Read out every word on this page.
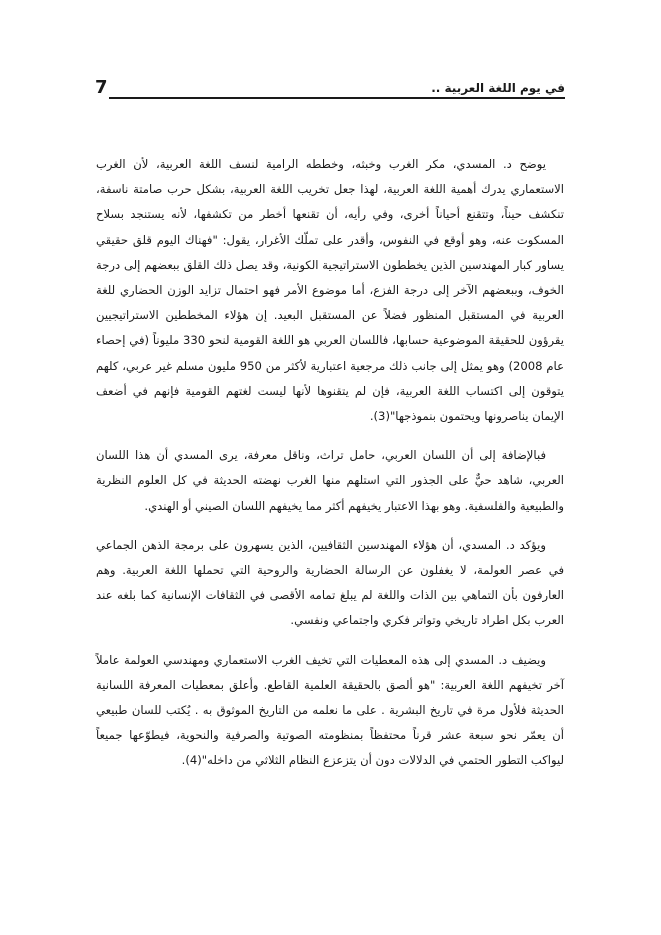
7	في يوم اللغة العربية ..

يوضح د. المسدي، مكر الغرب وخبثه، وخططه الرامية لنسف اللغة العربية، لأن الغرب الاستعماري يدرك أهمية اللغة العربية، لهذا جعل تخريب اللغة العربية، بشكل حرب صامتة ناسفة، تنكشف حيناً، وتتقنع أحياناً أخرى، وفي رأيه، أن تقنعها أخطر من تكشفها، لأنه يستنجد بسلاح المسكوت عنه، وهو أوقع في النفوس، وأقدر على تملّك الأغرار، يقول: "فهناك اليوم قلق حقيقي يساور كبار المهندسين الذين يخططون الاستراتيجية الكونية، وقد يصل ذلك القلق ببعضهم إلى درجة الخوف، وببعضهم الآخر إلى درجة الفزع، أما موضوع الأمر فهو احتمال تزايد الوزن الحضاري للغة العربية في المستقبل المنظور فضلاً عن المستقبل البعيد. إن هؤلاء المخططين الاستراتيجيين يقرؤون للحقيقة الموضوعية حسابها، فاللسان العربي هو اللغة القومية لنحو 330 مليوناً (في إحصاء عام 2008) وهو يمثل إلى جانب ذلك مرجعية اعتبارية لأكثر من 950 مليون مسلم غير عربي، كلهم يتوقون إلى اكتساب اللغة العربية، فإن لم يتقنوها لأنها ليست لغتهم القومية فإنهم في أضعف الإيمان يناصرونها ويحتمون بنموذجها"(3).

فبالإضافة إلى أن اللسان العربي، حامل تراث، وناقل معرفة، يرى المسدي أن هذا اللسان العربي، شاهد حيٌّ على الجذور التي استلهم منها الغرب نهضته الحديثة في كل العلوم النظرية والطبيعية والفلسفية. وهو بهذا الاعتبار يخيفهم أكثر مما يخيفهم اللسان الصيني أو الهندي.

ويؤكد د. المسدي، أن هؤلاء المهندسين الثقافيين، الذين يسهرون على برمجة الذهن الجماعي في عصر العولمة، لا يغفلون عن الرسالة الحضارية والروحية التي تحملها اللغة العربية. وهم العارفون بأن التماهي بين الذات واللغة لم يبلغ تمامه الأقصى في الثقافات الإنسانية كما بلغه عند العرب بكل اطراد تاريخي وتواتر فكري واجتماعي ونفسي.

ويضيف د. المسدي إلى هذه المعطيات التي تخيف الغرب الاستعماري ومهندسي العولمة عاملاً آخر تخيفهم اللغة العربية: "هو ألصق بالحقيقة العلمية القاطع. وأعلق بمعطيات المعرفة اللسانية الحديثة فلأول مرة في تاريخ البشرية . على ما نعلمه من التاريخ الموثوق به . يُكتب للسان طبيعي أن يعمّر نحو سبعة عشر قرناً محتفظاً بمنظومته الصوتية والصرفية والنحوية، فيطوّعها جميعاً ليواكب التطور الحتمي في الدلالات دون أن يتزعزع النظام الثلاثي من داخله"(4).
